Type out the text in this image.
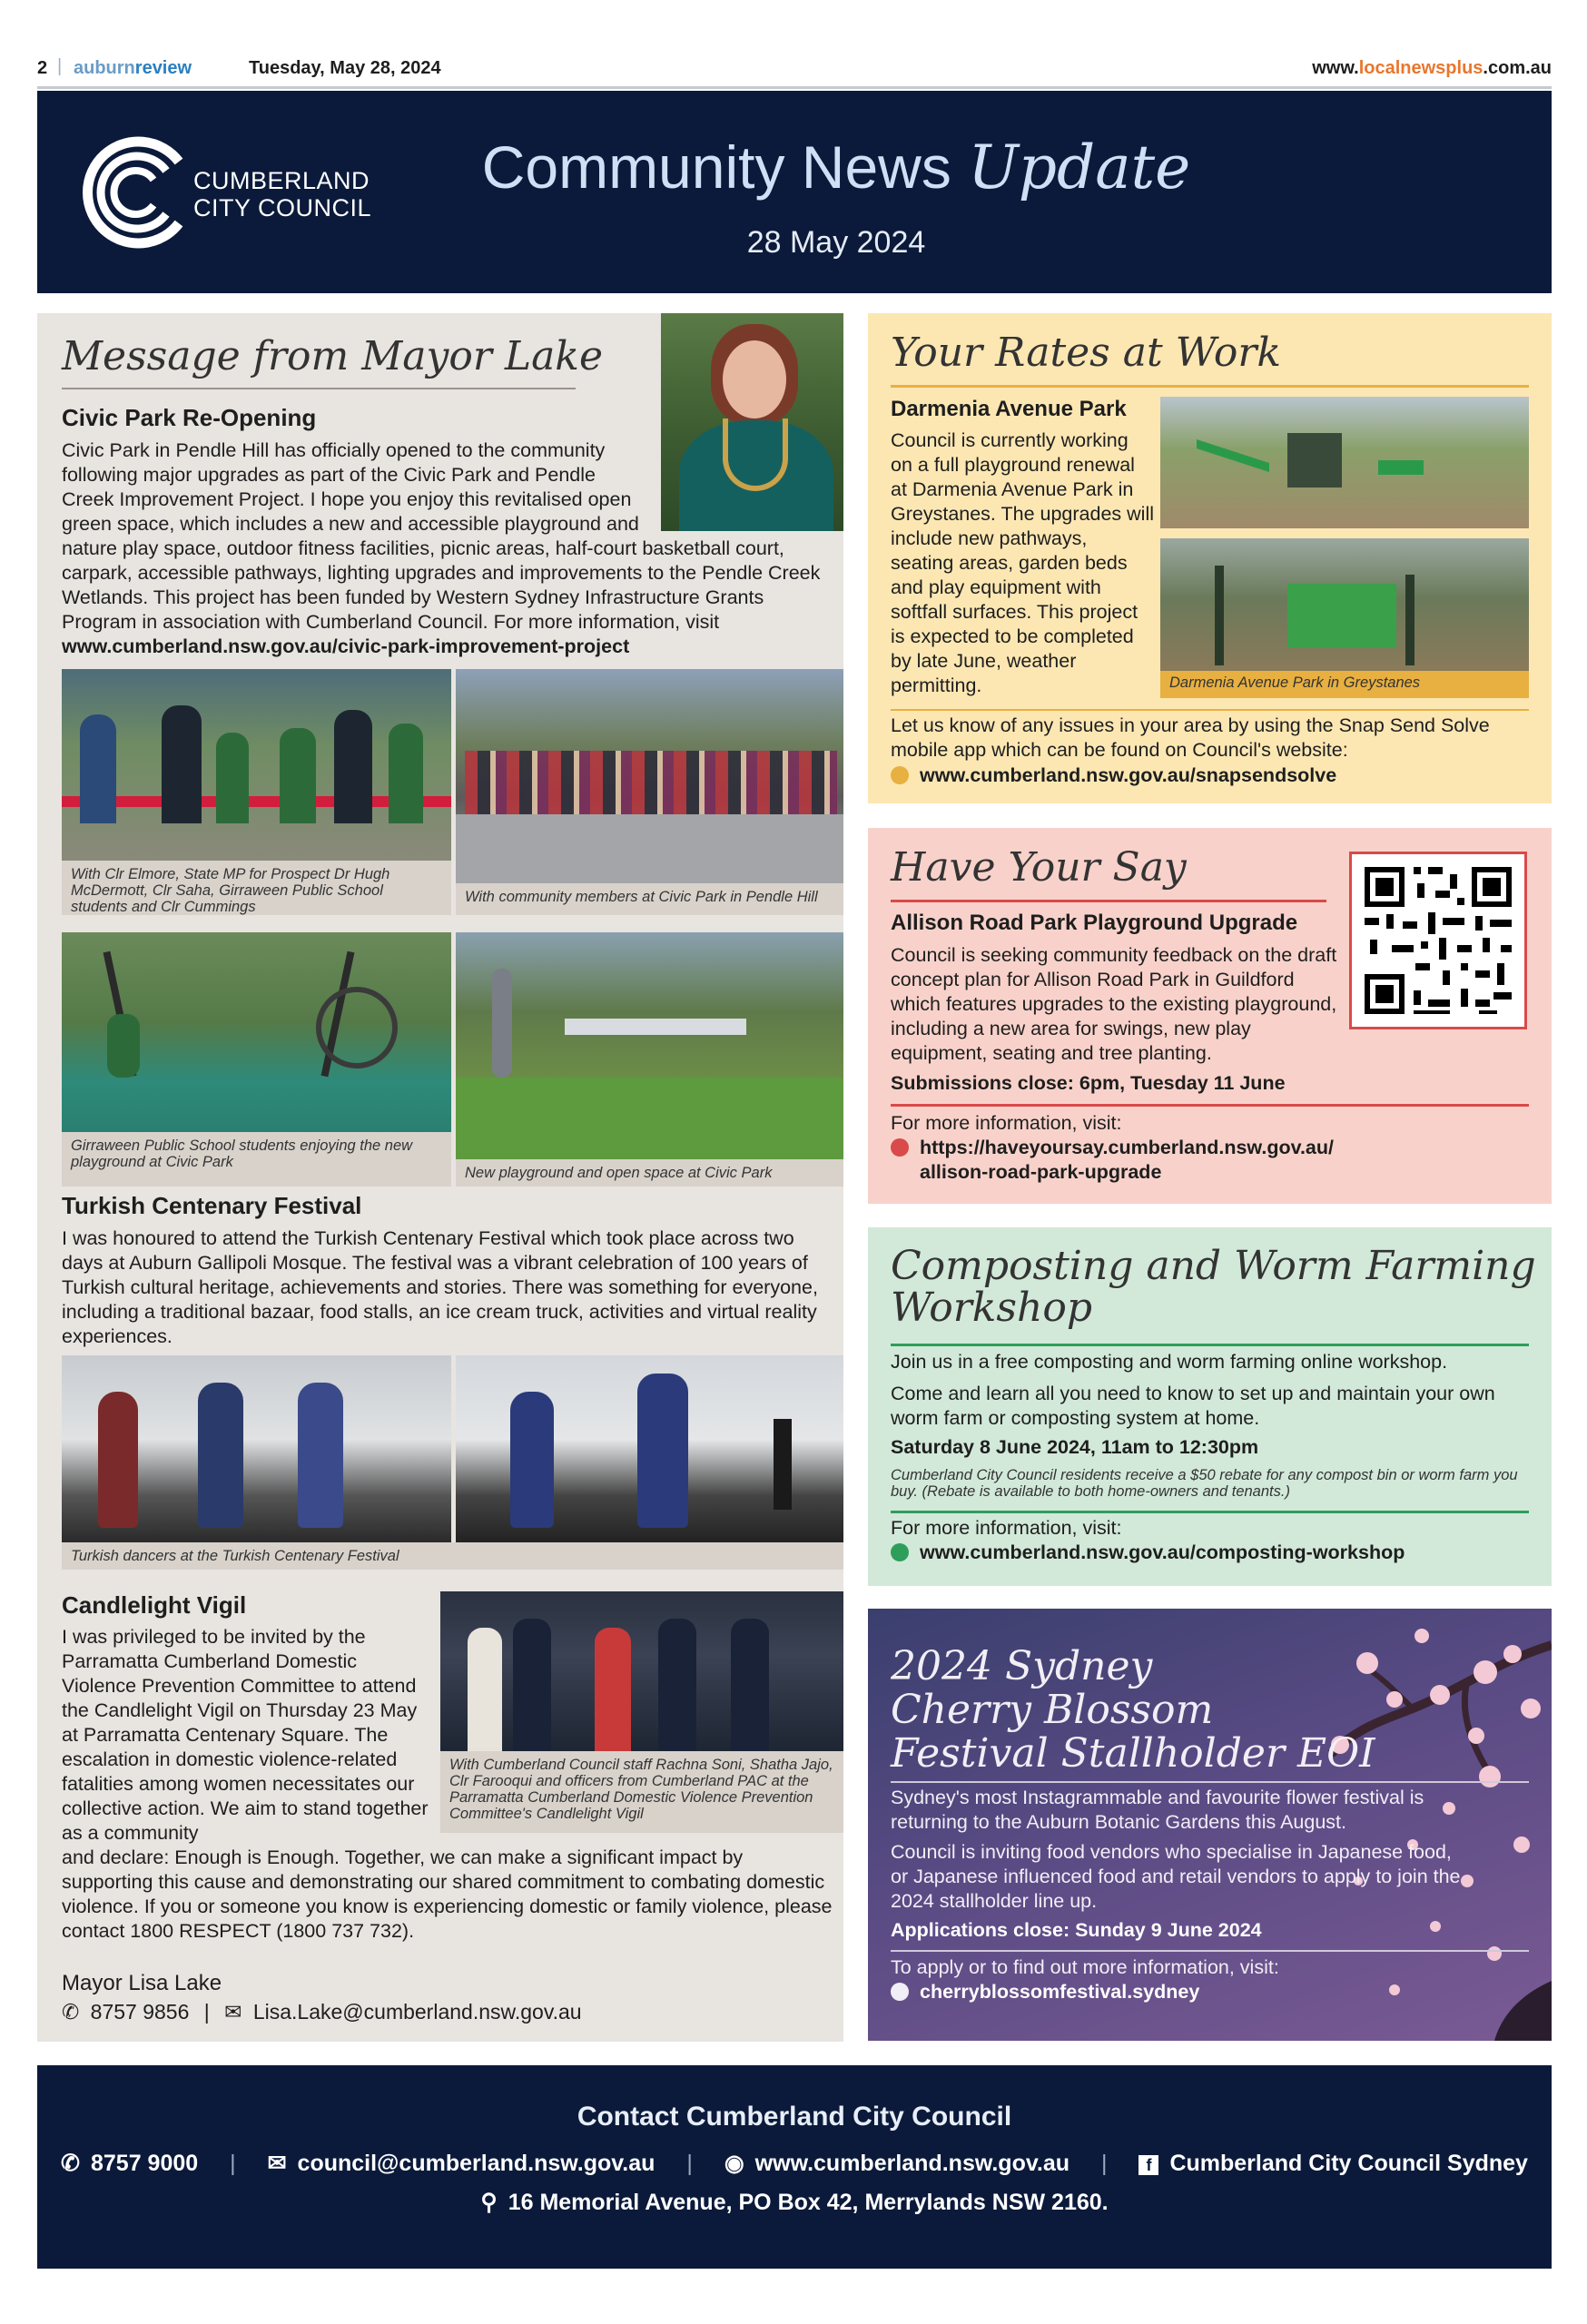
2 | auburnreview	Tuesday, May 28, 2024	www.localnewsplus.com.au
CUMBERLAND
CITY COUNCIL
Community News Update
28 May 2024
Message from Mayor Lake
Civic Park Re-Opening
Civic Park in Pendle Hill has officially opened to the community following major upgrades as part of the Civic Park and Pendle Creek Improvement Project. I hope you enjoy this revitalised open green space, which includes a new and accessible playground and nature play space, outdoor fitness facilities, picnic areas, half-court basketball court, carpark, accessible pathways, lighting upgrades and improvements to the Pendle Creek Wetlands. This project has been funded by Western Sydney Infrastructure Grants Program in association with Cumberland Council. For more information, visit www.cumberland.nsw.gov.au/civic-park-improvement-project
With Clr Elmore, State MP for Prospect Dr Hugh McDermott, Clr Saha, Girraween Public School students and Clr Cummings
With community members at Civic Park in Pendle Hill
Girraween Public School students enjoying the new playground at Civic Park
New playground and open space at Civic Park
Turkish Centenary Festival
I was honoured to attend the Turkish Centenary Festival which took place across two days at Auburn Gallipoli Mosque. The festival was a vibrant celebration of 100 years of Turkish cultural heritage, achievements and stories. There was something for everyone, including a traditional bazaar, food stalls, an ice cream truck, activities and virtual reality experiences.
Turkish dancers at the Turkish Centenary Festival
Candlelight Vigil
I was privileged to be invited by the Parramatta Cumberland Domestic Violence Prevention Committee to attend the Candlelight Vigil on Thursday 23 May at Parramatta Centenary Square. The escalation in domestic violence-related fatalities among women necessitates our collective action. We aim to stand together as a community
and declare: Enough is Enough. Together, we can make a significant impact by supporting this cause and demonstrating our shared commitment to combating domestic violence. If you or someone you know is experiencing domestic or family violence, please contact 1800 RESPECT (1800 737 732).
With Cumberland Council staff Rachna Soni, Shatha Jajo, Clr Farooqui and officers from Cumberland PAC at the Parramatta Cumberland Domestic Violence Prevention Committee's Candlelight Vigil
Mayor Lisa Lake
✆ 8757 9856 | ✉ Lisa.Lake@cumberland.nsw.gov.au
Your Rates at Work
Darmenia Avenue Park
Council is currently working on a full playground renewal at Darmenia Avenue Park in Greystanes. The upgrades will include new pathways, seating areas, garden beds and play equipment with softfall surfaces. This project is expected to be completed by late June, weather permitting.	Darmenia Avenue Park in Greystanes
Let us know of any issues in your area by using the Snap Send Solve mobile app which can be found on Council's website:
www.cumberland.nsw.gov.au/snapsendsolve
Have Your Say
Allison Road Park Playground Upgrade
Council is seeking community feedback on the draft concept plan for Allison Road Park in Guildford which features upgrades to the existing playground, including a new area for swings, new play equipment, seating and tree planting.
Submissions close: 6pm, Tuesday 11 June
For more information, visit:
https://haveyoursay.cumberland.nsw.gov.au/
allison-road-park-upgrade
Composting and Worm Farming
Workshop
Join us in a free composting and worm farming online workshop.
Come and learn all you need to know to set up and maintain your own worm farm or composting system at home.
Saturday 8 June 2024, 11am to 12:30pm
Cumberland City Council residents receive a $50 rebate for any compost bin or worm farm you buy. (Rebate is available to both home-owners and tenants.)
For more information, visit:
www.cumberland.nsw.gov.au/composting-workshop
2024 Sydney
Cherry Blossom
Festival Stallholder EOI
Sydney's most Instagrammable and favourite flower festival is returning to the Auburn Botanic Gardens this August.
Council is inviting food vendors who specialise in Japanese food, or Japanese influenced food and retail vendors to apply to join the 2024 stallholder line up.
Applications close: Sunday 9 June 2024
To apply or to find out more information, visit:
cherryblossomfestival.sydney
Contact Cumberland City Council
✆ 8757 9000 | ✉ council@cumberland.nsw.gov.au | ◉ www.cumberland.nsw.gov.au | f Cumberland City Council Sydney
⚲ 16 Memorial Avenue, PO Box 42, Merrylands NSW 2160.
